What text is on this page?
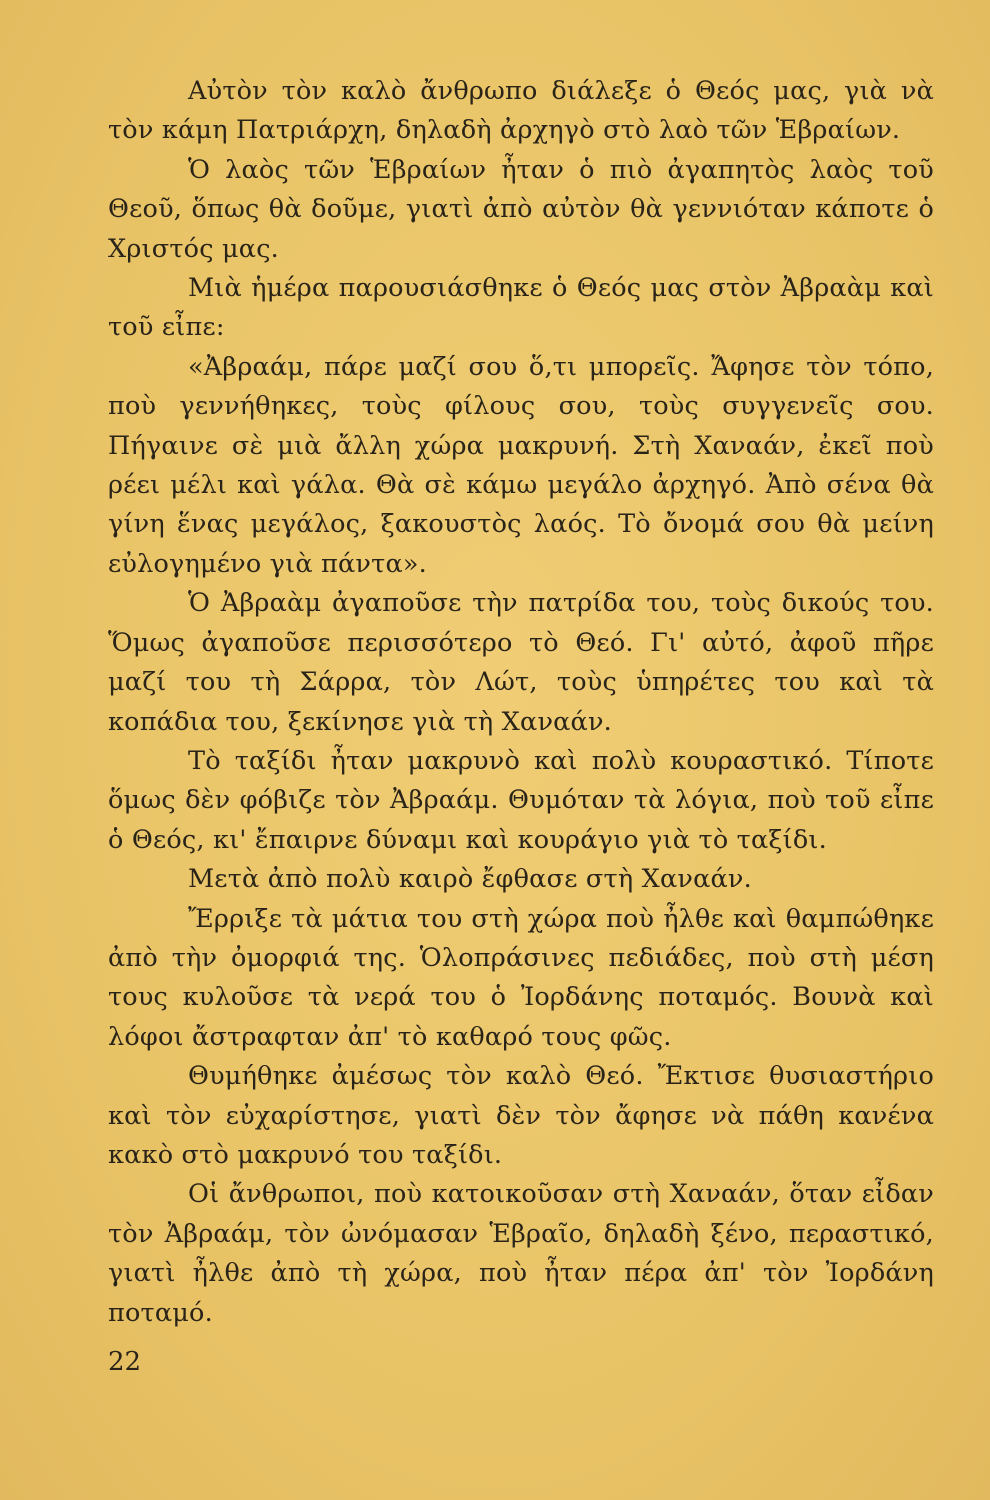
Αὐτὸν τὸν καλὸ ἄνθρωπο διάλεξε ὁ Θεός μας, γιὰ νὰ τὸν κάμη Πατριάρχη, δηλαδὴ ἀρχηγὸ στὸ λαὸ τῶν Ἑβραίων.

Ὁ λαὸς τῶν Ἑβραίων ἦταν ὁ πιὸ ἀγαπητὸς λαὸς τοῦ Θεοῦ, ὅπως θὰ δοῦμε, γιατὶ ἀπὸ αὐτὸν θὰ γεννιόταν κάποτε ὁ Χριστός μας.

Μιὰ ἡμέρα παρουσιάσθηκε ὁ Θεός μας στὸν Ἀβραὰμ καὶ τοῦ εἶπε:

«Ἀβραάμ, πάρε μαζί σου ὅ,τι μπορεῖς. Ἄφησε τὸν τόπο, ποὺ γεννήθηκες, τοὺς φίλους σου, τοὺς συγγενεῖς σου. Πήγαινε σὲ μιὰ ἄλλη χώρα μακρυνή. Στὴ Χαναάν, ἐκεῖ ποὺ ρέει μέλι καὶ γάλα. Θὰ σὲ κάμω μεγάλο ἀρχηγό. Ἀπὸ σένα θὰ γίνη ἕνας μεγάλος, ξακουστὸς λαός. Τὸ ὄνομά σου θὰ μείνη εὐλογημένο γιὰ πάντα».

Ὁ Ἀβραὰμ ἀγαποῦσε τὴν πατρίδα του, τοὺς δικούς του. Ὅμως ἀγαποῦσε περισσότερο τὸ Θεό. Γι' αὐτό, ἀφοῦ πῆρε μαζί του τὴ Σάρρα, τὸν Λώτ, τοὺς ὑπηρέτες του καὶ τὰ κοπάδια του, ξεκίνησε γιὰ τὴ Χαναάν.

Τὸ ταξίδι ἦταν μακρυνὸ καὶ πολὺ κουραστικό. Τίποτε ὅμως δὲν φόβιζε τὸν Ἀβραάμ. Θυμόταν τὰ λόγια, ποὺ τοῦ εἶπε ὁ Θεός, κι' ἔπαιρνε δύναμι καὶ κουράγιο γιὰ τὸ ταξίδι.

Μετὰ ἀπὸ πολὺ καιρὸ ἔφθασε στὴ Χαναάν.

Ἔρριξε τὰ μάτια του στὴ χώρα ποὺ ἦλθε καὶ θαμπώθηκε ἀπὸ τὴν ὀμορφιά της. Ὁλοπράσινες πεδιάδες, ποὺ στὴ μέση τους κυλοῦσε τὰ νερά του ὁ Ἰορδάνης ποταμός. Βουνὰ καὶ λόφοι ἄστραφταν ἀπ' τὸ καθαρό τους φῶς.

Θυμήθηκε ἀμέσως τὸν καλὸ Θεό. Ἔκτισε θυσιαστήριο καὶ τὸν εὐχαρίστησε, γιατὶ δὲν τὸν ἄφησε νὰ πάθη κανένα κακὸ στὸ μακρυνό του ταξίδι.

Οἱ ἄνθρωποι, ποὺ κατοικοῦσαν στὴ Χαναάν, ὅταν εἶδαν τὸν Ἀβραάμ, τὸν ὠνόμασαν Ἑβραῖο, δηλαδὴ ξένο, περαστικό, γιατὶ ἦλθε ἀπὸ τὴ χώρα, ποὺ ἦταν πέρα ἀπ' τὸν Ἰορδάνη ποταμό.

22
